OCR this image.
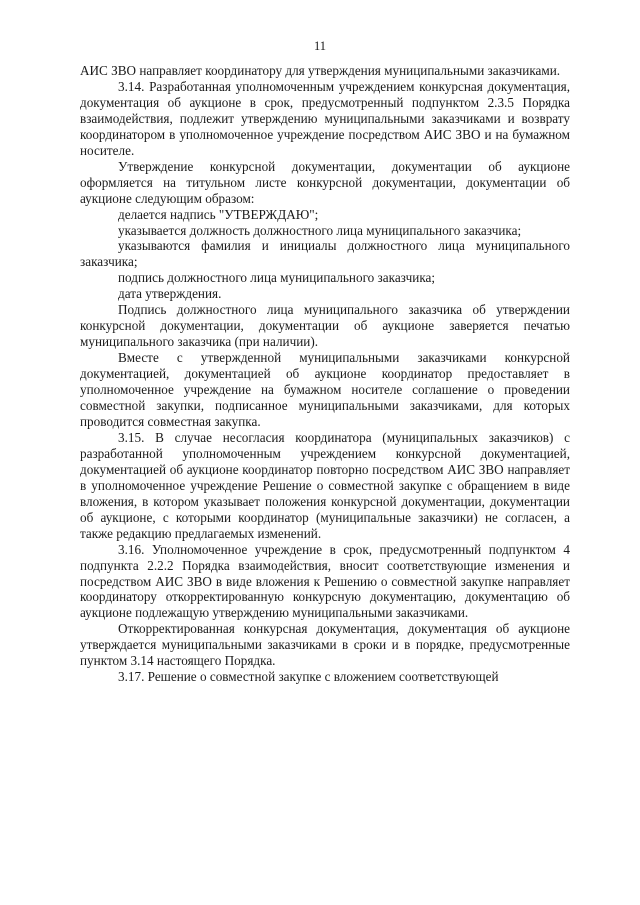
11

АИС ЗВО направляет координатору для утверждения муниципальными заказчиками.

3.14. Разработанная уполномоченным учреждением конкурсная документация, документация об аукционе в срок, предусмотренный подпунктом 2.3.5 Порядка взаимодействия, подлежит утверждению муниципальными заказчиками и возврату координатором в уполномоченное учреждение посредством АИС ЗВО и на бумажном носителе.

Утверждение конкурсной документации, документации об аукционе оформляется на титульном листе конкурсной документации, документации об аукционе следующим образом:

делается надпись "УТВЕРЖДАЮ";

указывается должность должностного лица муниципального заказчика;

указываются фамилия и инициалы должностного лица муниципального заказчика;

подпись должностного лица муниципального заказчика;

дата утверждения.

Подпись должностного лица муниципального заказчика об утверждении конкурсной документации, документации об аукционе заверяется печатью муниципального заказчика (при наличии).

Вместе с утвержденной муниципальными заказчиками конкурсной документацией, документацией об аукционе координатор предоставляет в уполномоченное учреждение на бумажном носителе соглашение о проведении совместной закупки, подписанное муниципальными заказчиками, для которых проводится совместная закупка.

3.15. В случае несогласия координатора (муниципальных заказчиков) с разработанной уполномоченным учреждением конкурсной документацией, документацией об аукционе координатор повторно посредством АИС ЗВО направляет в уполномоченное учреждение Решение о совместной закупке с обращением в виде вложения, в котором указывает положения конкурсной документации, документации об аукционе, с которыми координатор (муниципальные заказчики) не согласен, а также редакцию предлагаемых изменений.

3.16. Уполномоченное учреждение в срок, предусмотренный подпунктом 4 подпункта 2.2.2 Порядка взаимодействия, вносит соответствующие изменения и посредством АИС ЗВО в виде вложения к Решению о совместной закупке направляет координатору откорректированную конкурсную документацию, документацию об аукционе подлежащую утверждению муниципальными заказчиками.

Откорректированная конкурсная документация, документация об аукционе утверждается муниципальными заказчиками в сроки и в порядке, предусмотренные пунктом 3.14 настоящего Порядка.

3.17. Решение о совместной закупке с вложением соответствующей
